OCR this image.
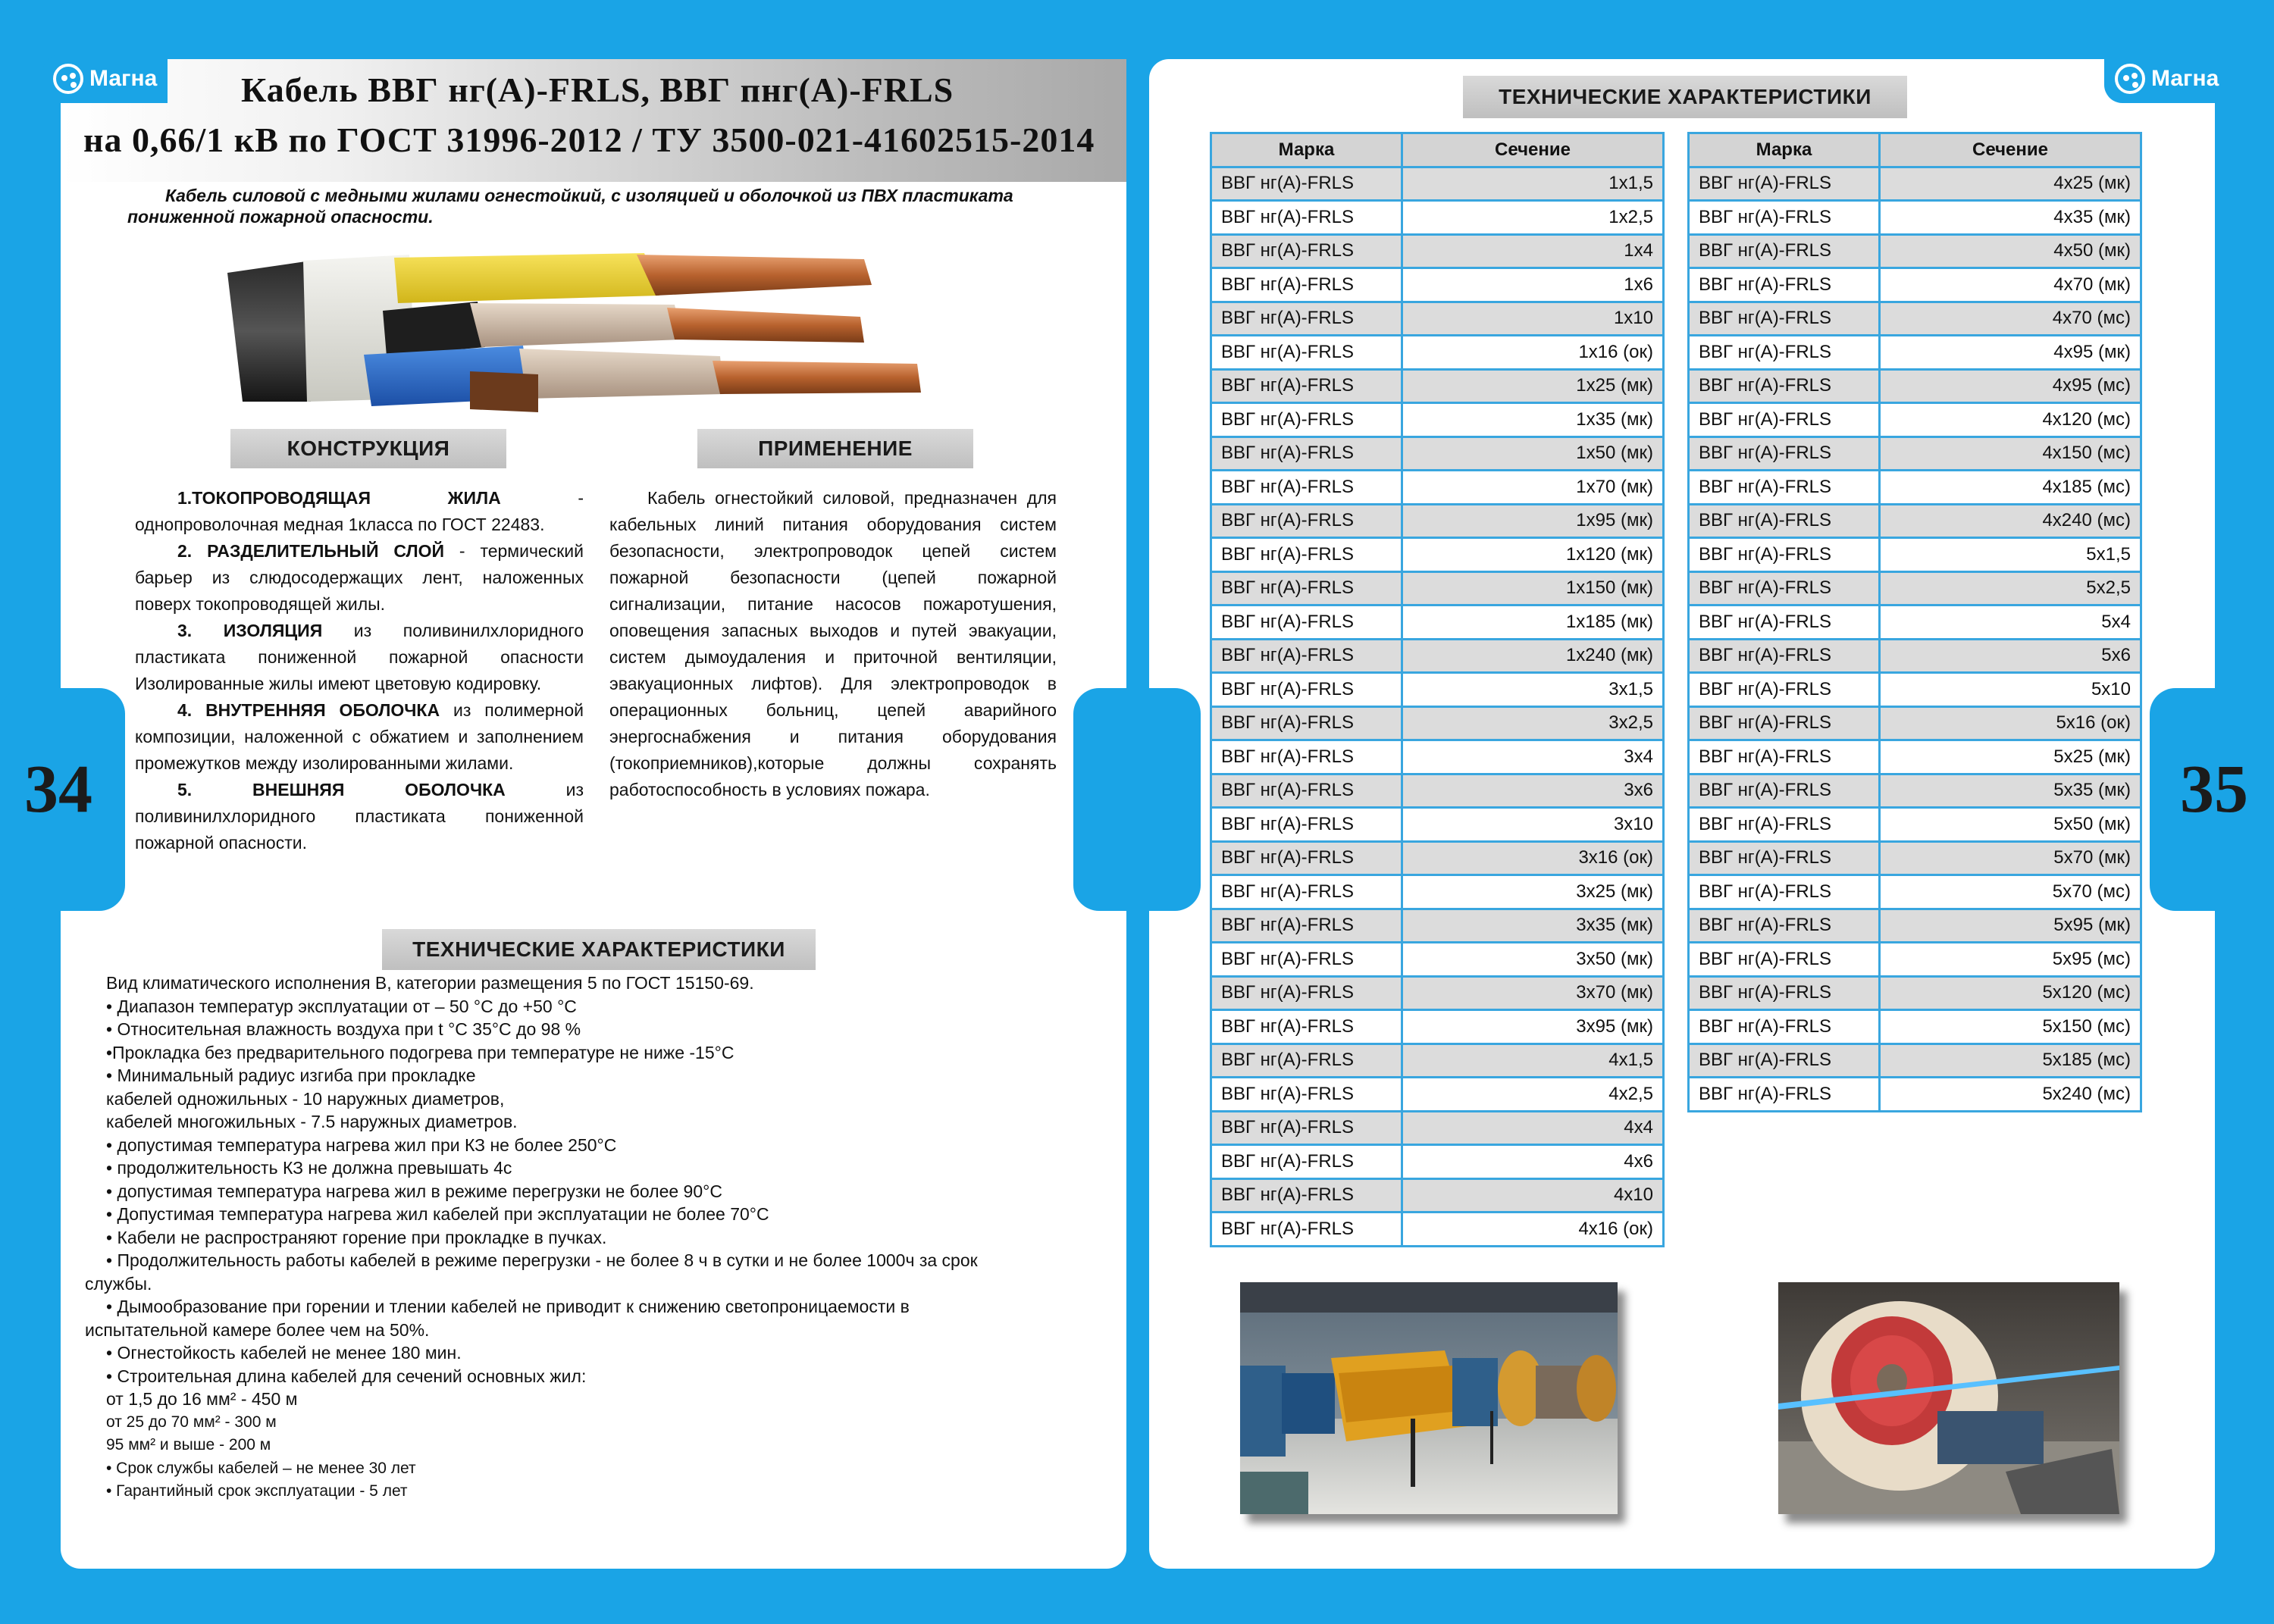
34	35
Кабель ВВГ нг(А)-FRLS, ВВГ пнг(А)-FRLS
на 0,66/1 кВ по ГОСТ 31996-2012 / ТУ 3500-021-41602515-2014
Магна
Кабель силовой с медными жилами огнестойкий, с изоляцией и оболочкой из ПВХ пластиката пониженной пожарной опасности.
КОНСТРУКЦИЯ	ПРИМЕНЕНИЕ

1.ТОКОПРОВОДЯЩАЯ ЖИЛА - однопроволочная медная 1класса по ГОСТ 22483.

2. РАЗДЕЛИТЕЛЬНЫЙ СЛОЙ - термический барьер из слюдосодержащих лент, наложенных поверх токопроводящей жилы.

3. ИЗОЛЯЦИЯ из поливинилхлоридного пластиката пониженной пожарной опасности Изолированные жилы имеют цветовую кодировку.

4. ВНУТРЕННЯЯ ОБОЛОЧКА из полимерной композиции, наложенной с обжатием и заполнением промежутков между изолированными жилами.

5. ВНЕШНЯЯ ОБОЛОЧКА из поливинилхлоридного пластиката пониженной пожарной опасности.

Кабель огнестойкий силовой, предназначен для кабельных линий питания оборудования систем безопасности, электропроводок цепей систем пожарной безопасности (цепей пожарной сигнализации, питание насосов пожаротушения, оповещения запасных выходов и путей эвакуации, систем дымоудаления и приточной вентиляции, эвакуационных лифтов). Для электропроводок в операционных больниц, цепей аварийного энергоснабжения и питания оборудования (токоприемников),которые должны сохранять работоспособность в условиях пожара.

ТЕХНИЧЕСКИЕ ХАРАКТЕРИСТИКИ
Вид климатического исполнения В, категории размещения 5 по ГОСТ 15150-69.
• Диапазон температур эксплуатации от – 50 °С до +50 °С
• Относительная влажность воздуха при t °С 35°С до 98 %
•Прокладка без предварительного подогрева при температуре не ниже -15°С
• Минимальный радиус изгиба при прокладке
кабелей одножильных - 10 наружных диаметров,
кабелей многожильных - 7.5 наружных диаметров.
• допустимая температура нагрева жил при КЗ не более 250°С
• продолжительность КЗ не должна превышать 4с
• допустимая температура нагрева жил в режиме перегрузки не более 90°С
• Допустимая температура нагрева жил кабелей при эксплуатации не более 70°С
• Кабели не распространяют горение при прокладке в пучках.
• Продолжительность работы кабелей в режиме перегрузки - не более 8 ч в сутки и не более 1000ч за срок
службы.
• Дымообразование при горении и тлении кабелей не приводит к снижению светопроницаемости в
испытательной камере более чем на 50%.
• Огнестойкость кабелей не менее 180 мин.
• Строительная длина кабелей для сечений основных жил:
от 1,5 до 16 мм² - 450 м
от 25 до 70 мм² - 300 м
95 мм² и выше - 200 м
• Срок службы кабелей – не менее 30 лет
• Гарантийный срок эксплуатации - 5 лет
Магна
ТЕХНИЧЕСКИЕ ХАРАКТЕРИСТИКИ
Марка	Сечение
ВВГ нг(А)-FRLS	1х1,5
ВВГ нг(А)-FRLS	1х2,5
ВВГ нг(А)-FRLS	1х4
ВВГ нг(А)-FRLS	1х6
ВВГ нг(А)-FRLS	1х10
ВВГ нг(А)-FRLS	1х16 (ок)
ВВГ нг(А)-FRLS	1х25 (мк)
ВВГ нг(А)-FRLS	1х35 (мк)
ВВГ нг(А)-FRLS	1х50 (мк)
ВВГ нг(А)-FRLS	1х70 (мк)
ВВГ нг(А)-FRLS	1х95 (мк)
ВВГ нг(А)-FRLS	1х120 (мк)
ВВГ нг(А)-FRLS	1х150 (мк)
ВВГ нг(А)-FRLS	1х185 (мк)
ВВГ нг(А)-FRLS	1х240 (мк)
ВВГ нг(А)-FRLS	3х1,5
ВВГ нг(А)-FRLS	3х2,5
ВВГ нг(А)-FRLS	3х4
ВВГ нг(А)-FRLS	3х6
ВВГ нг(А)-FRLS	3х10
ВВГ нг(А)-FRLS	3х16 (ок)
ВВГ нг(А)-FRLS	3х25 (мк)
ВВГ нг(А)-FRLS	3х35 (мк)
ВВГ нг(А)-FRLS	3х50 (мк)
ВВГ нг(А)-FRLS	3х70 (мк)
ВВГ нг(А)-FRLS	3х95 (мк)
ВВГ нг(А)-FRLS	4х1,5
ВВГ нг(А)-FRLS	4х2,5
ВВГ нг(А)-FRLS	4х4
ВВГ нг(А)-FRLS	4х6
ВВГ нг(А)-FRLS	4х10
ВВГ нг(А)-FRLS	4х16 (ок)
Марка	Сечение
ВВГ нг(А)-FRLS	4х25 (мк)
ВВГ нг(А)-FRLS	4х35 (мк)
ВВГ нг(А)-FRLS	4х50 (мк)
ВВГ нг(А)-FRLS	4х70 (мк)
ВВГ нг(А)-FRLS	4х70 (мс)
ВВГ нг(А)-FRLS	4х95 (мк)
ВВГ нг(А)-FRLS	4х95 (мс)
ВВГ нг(А)-FRLS	4х120 (мс)
ВВГ нг(А)-FRLS	4х150 (мс)
ВВГ нг(А)-FRLS	4х185 (мс)
ВВГ нг(А)-FRLS	4х240 (мс)
ВВГ нг(А)-FRLS	5х1,5
ВВГ нг(А)-FRLS	5х2,5
ВВГ нг(А)-FRLS	5х4
ВВГ нг(А)-FRLS	5х6
ВВГ нг(А)-FRLS	5х10
ВВГ нг(А)-FRLS	5х16 (ок)
ВВГ нг(А)-FRLS	5х25 (мк)
ВВГ нг(А)-FRLS	5х35 (мк)
ВВГ нг(А)-FRLS	5х50 (мк)
ВВГ нг(А)-FRLS	5х70 (мк)
ВВГ нг(А)-FRLS	5х70 (мс)
ВВГ нг(А)-FRLS	5х95 (мк)
ВВГ нг(А)-FRLS	5х95 (мс)
ВВГ нг(А)-FRLS	5х120 (мс)
ВВГ нг(А)-FRLS	5х150 (мс)
ВВГ нг(А)-FRLS	5х185 (мс)
ВВГ нг(А)-FRLS	5х240 (мс)
